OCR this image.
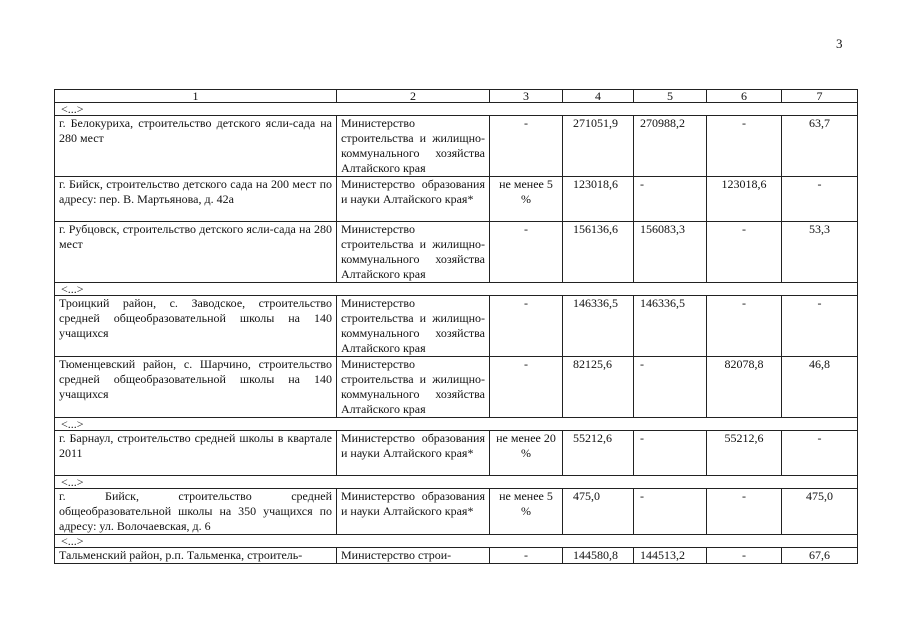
3
1	2	3	4	5	6	7
<...>						
г. Белокуриха, строительство детского ясли-сада на 280 мест	Министерство строительства и жилищно-коммунального хозяйства Алтайского края	-	271051,9	270988,2	-	63,7
г. Бийск, строительство детского сада на 200 мест по адресу: пер. В. Мартьянова, д. 42а	Министерство образования и науки Алтайского края*	не менее 5 %	123018,6	-	123018,6	-
г. Рубцовск, строительство детского ясли-сада на 280 мест	Министерство строительства и жилищно-коммунального хозяйства Алтайского края	-	156136,6	156083,3	-	53,3
<...>						
Троицкий район, с. Заводское, строительство средней общеобразовательной школы на 140 учащихся	Министерство строительства и жилищно-коммунального хозяйства Алтайского края	-	146336,5	146336,5	-	-
Тюменцевский район, с. Шарчино, строительство средней общеобразовательной школы на 140 учащихся	Министерство строительства и жилищно-коммунального хозяйства Алтайского края	-	82125,6	-	82078,8	46,8
<...>						
г. Барнаул, строительство средней школы в квартале 2011	Министерство образования и науки Алтайского края*	не менее 20 %	55212,6	-	55212,6	-
<...>						
г. Бийск, строительство средней общеобразовательной школы на 350 учащихся по адресу: ул. Волочаевская, д. 6	Министерство образования и науки Алтайского края*	не менее 5 %	475,0	-	-	475,0
<...>						
Тальменский район, р.п. Тальменка, строитель-	Министерство строи-	-	144580,8	144513,2	-	67,6
